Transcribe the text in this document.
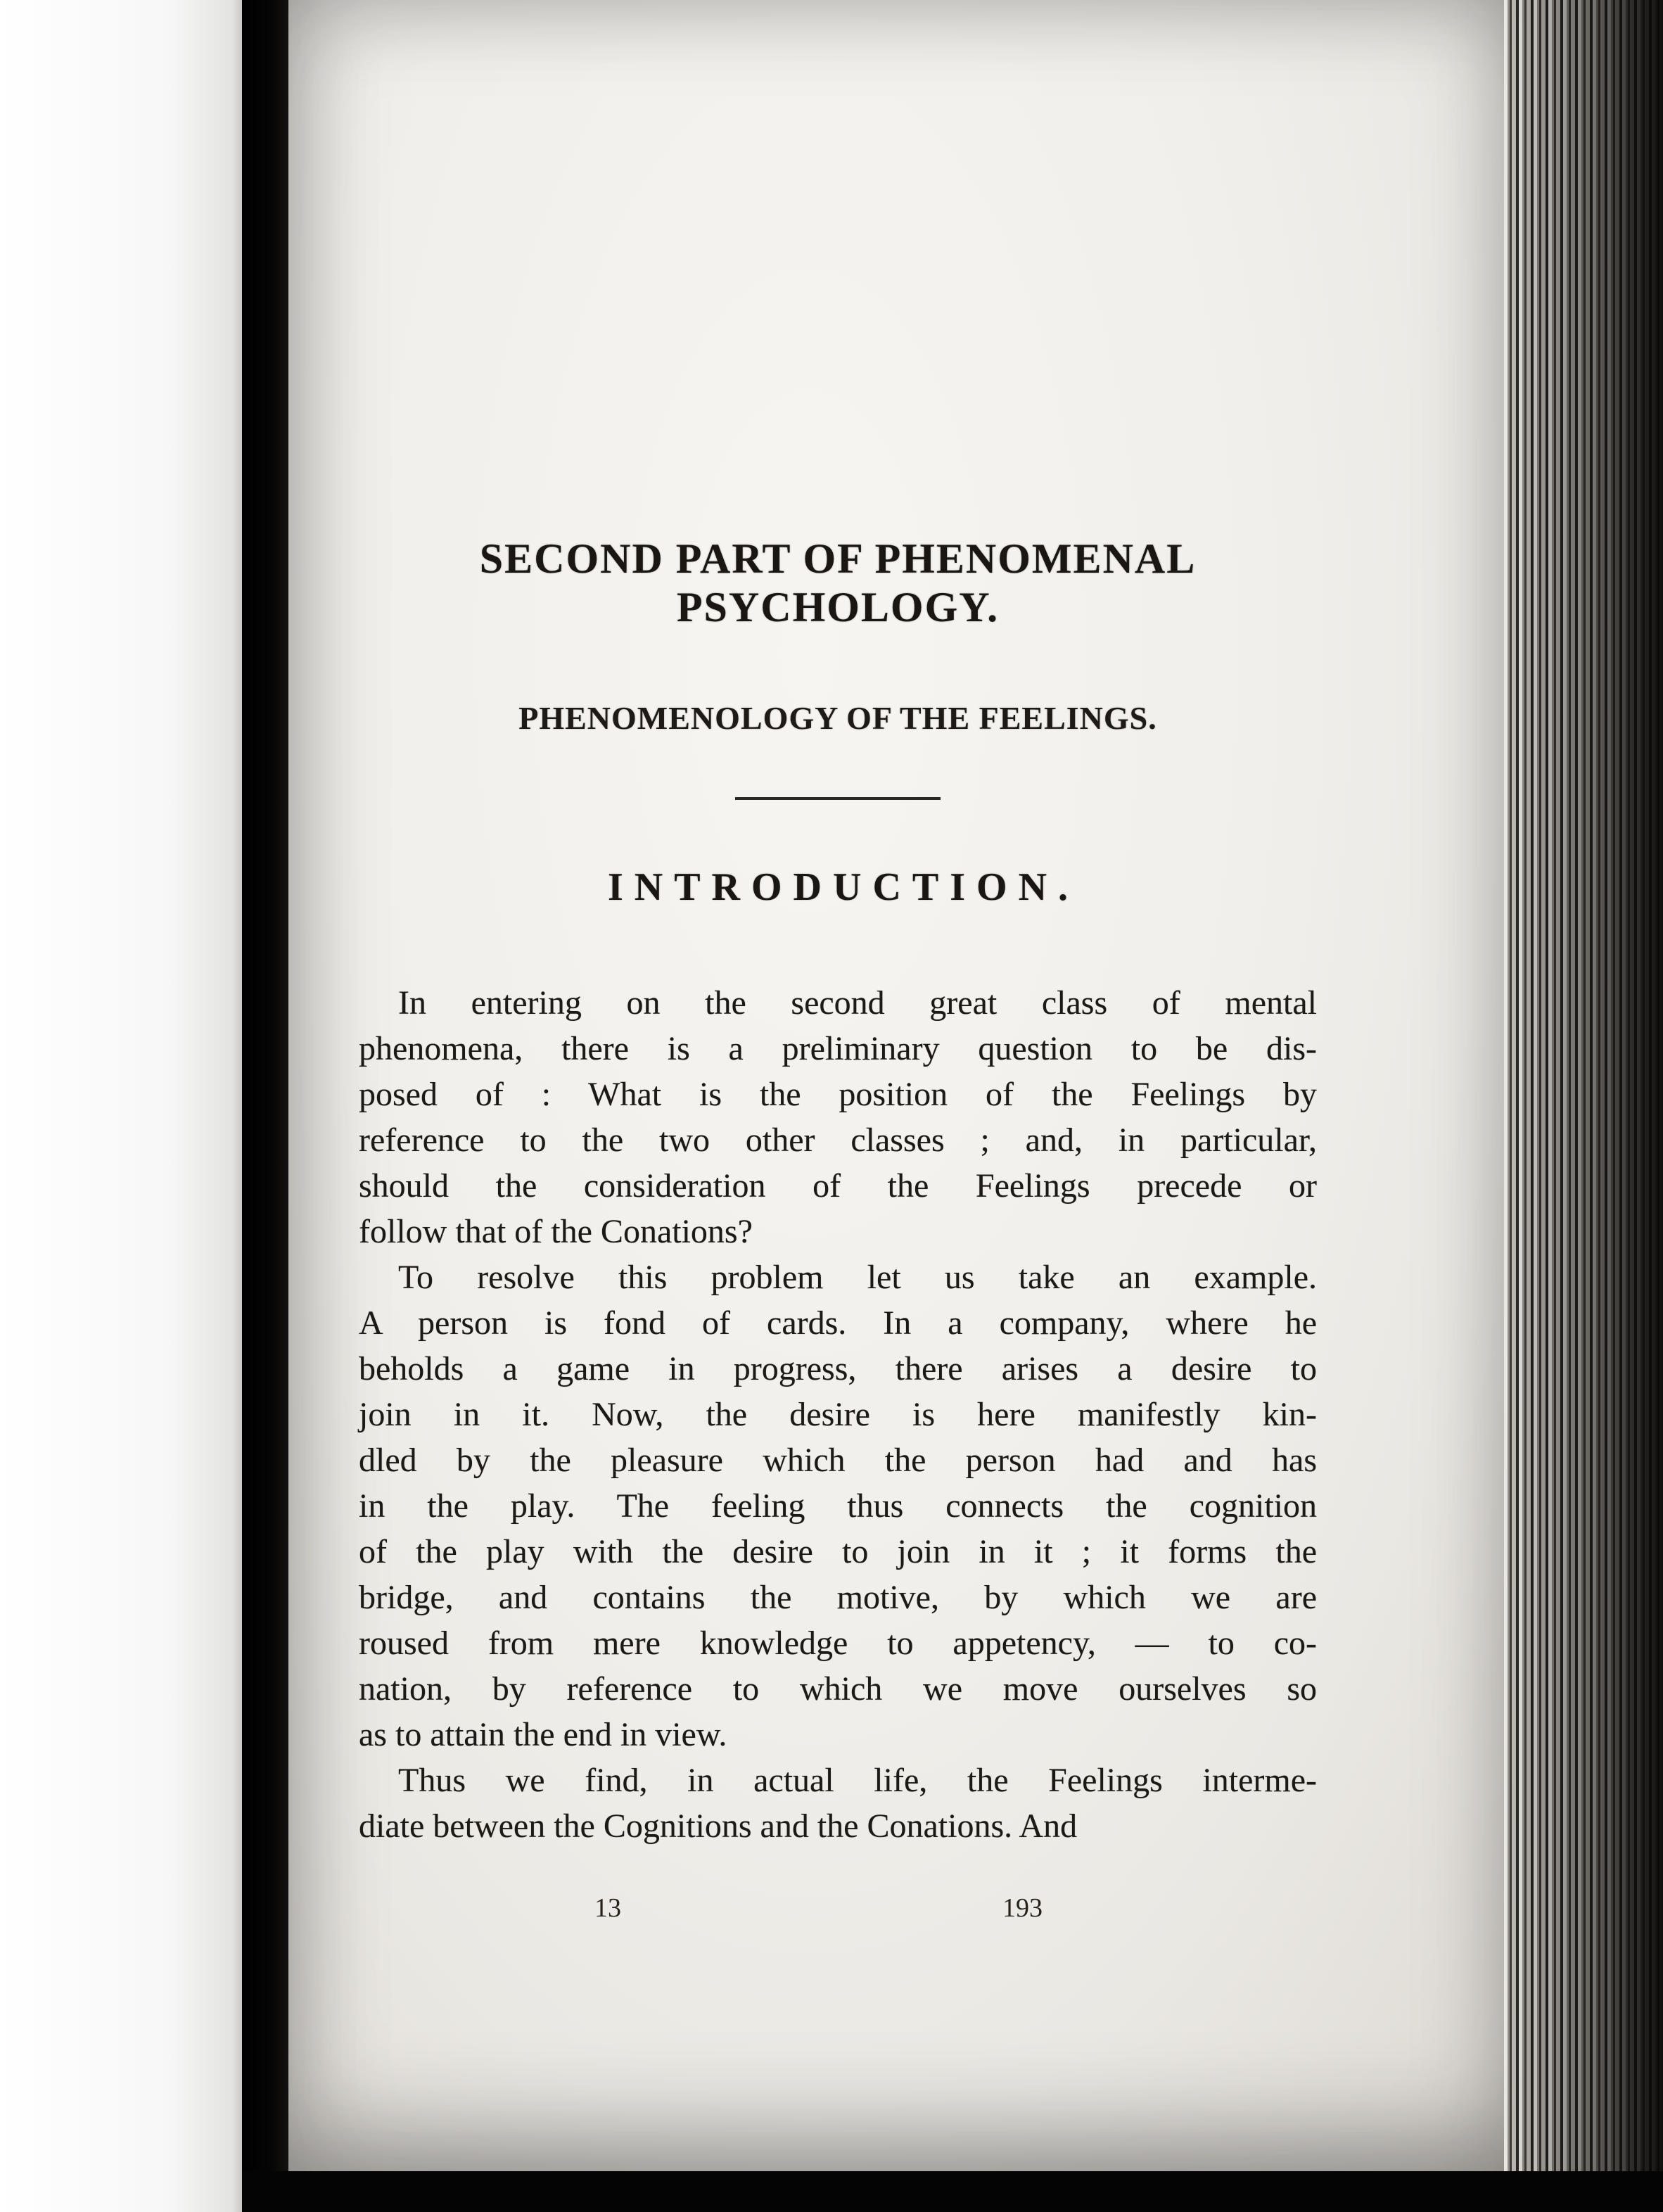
SECOND PART OF PHENOMENAL PSYCHOLOGY.
PHENOMENOLOGY OF THE FEELINGS.
INTRODUCTION.
In entering on the second great class of mental
phenomena, there is a preliminary question to be dis-
posed of : What is the position of the Feelings by
reference to the two other classes ; and, in particular,
should the consideration of the Feelings precede or
follow that of the Conations?
To resolve this problem let us take an example.
A person is fond of cards. In a company, where he
beholds a game in progress, there arises a desire to
join in it. Now, the desire is here manifestly kin-
dled by the pleasure which the person had and has
in the play. The feeling thus connects the cognition
of the play with the desire to join in it ; it forms the
bridge, and contains the motive, by which we are
roused from mere knowledge to appetency, — to co-
nation, by reference to which we move ourselves so
as to attain the end in view.
Thus we find, in actual life, the Feelings interme-
diate between the Cognitions and the Conations. And
13	193
